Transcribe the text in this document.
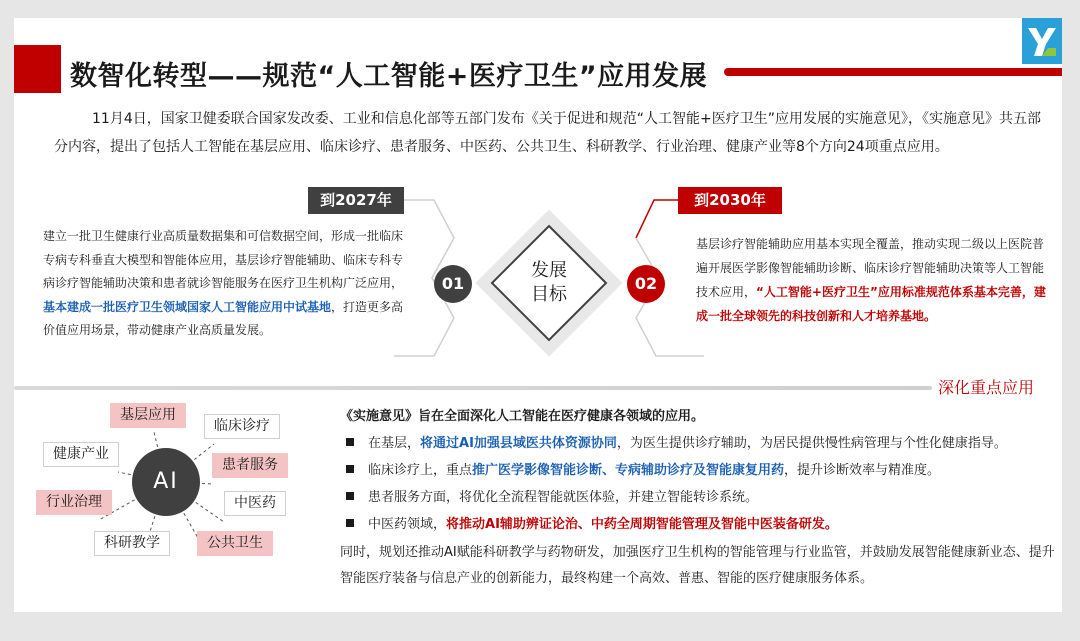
数智化转型——规范“人工智能+医疗卫生”应用发展
11月4日，国家卫健委联合国家发改委、工业和信息化部等五部门发布《关于促进和规范“人工智能+医疗卫生”应用发展的实施意见》，《实施意见》共五部分内容，提出了包括人工智能在基层应用、临床诊疗、患者服务、中医药、公共卫生、科研教学、行业治理、健康产业等8个方向24项重点应用。
到2027年
建立一批卫生健康行业高质量数据集和可信数据空间，形成一批临床专病专科垂直大模型和智能体应用，基层诊疗智能辅助、临床专科专病诊疗智能辅助决策和患者就诊智能服务在医疗卫生机构广泛应用，基本建成一批医疗卫生领域国家人工智能应用中试基地，打造更多高价值应用场景，带动健康产业高质量发展。
01
发展
目标
02
到2030年
基层诊疗智能辅助应用基本实现全覆盖，推动实现二级以上医院普遍开展医学影像智能辅助诊断、临床诊疗智能辅助决策等人工智能技术应用，“人工智能+医疗卫生”应用标准规范体系基本完善，建成一批全球领先的科技创新和人才培养基地。
深化重点应用
AI
基层应用
临床诊疗
健康产业
患者服务
行业治理	中医药
科研教学	公共卫生
《实施意见》旨在全面深化人工智能在医疗健康各领域的应用。
在基层，将通过AI加强县域医共体资源协同，为医生提供诊疗辅助，为居民提供慢性病管理与个性化健康指导。
临床诊疗上，重点推广医学影像智能诊断、专病辅助诊疗及智能康复用药，提升诊断效率与精准度。
患者服务方面，将优化全流程智能就医体验，并建立智能转诊系统。
中医药领域，将推动AI辅助辨证论治、中药全周期智能管理及智能中医装备研发。
同时，规划还推动AI赋能科研教学与药物研发，加强医疗卫生机构的智能管理与行业监管，并鼓励发展智能健康新业态、提升智能医疗装备与信息产业的创新能力，最终构建一个高效、普惠、智能的医疗健康服务体系。
